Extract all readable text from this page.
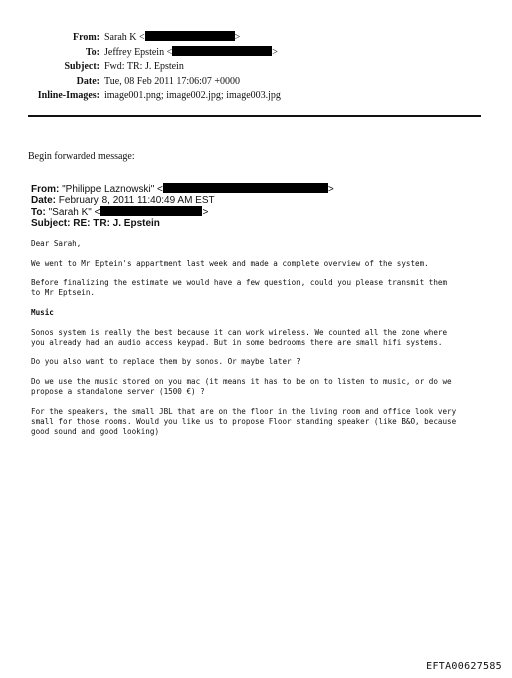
From: Sarah K <	>
To: Jeffrey Epstein <	>
Subject: Fwd: TR: J. Epstein
Date: Tue, 08 Feb 2011 17:06:07 +0000
Inline-Images: image001.png; image002.jpg; image003.jpg
Begin forwarded message:
From: "Philippe Laznowski" <	>
Date: February 8, 2011 11:40:49 AM EST
To: "Sarah K" <	>
Subject: RE: TR: J. Epstein

Dear Sarah,

We went to Mr Eptein's appartment last week and made a complete overview of the system.

Before finalizing the estimate we would have a few question, could you please transmit them
to Mr Eptsein.

Music

Sonos system is really the best because it can work wireless. We counted all the zone where
you already had an audio access keypad. But in some bedrooms there are small hifi systems.

Do you also want to replace them by sonos. Or maybe later ?

Do we use the music stored on you mac (it means it has to be on to listen to music, or do we
propose a standalone server (1500 €) ?

For the speakers, the small JBL that are on the floor in the living room and office look very
small for those rooms. Would you like us to propose Floor standing speaker (like B&O, because
good sound and good looking)

EFTA00627585
